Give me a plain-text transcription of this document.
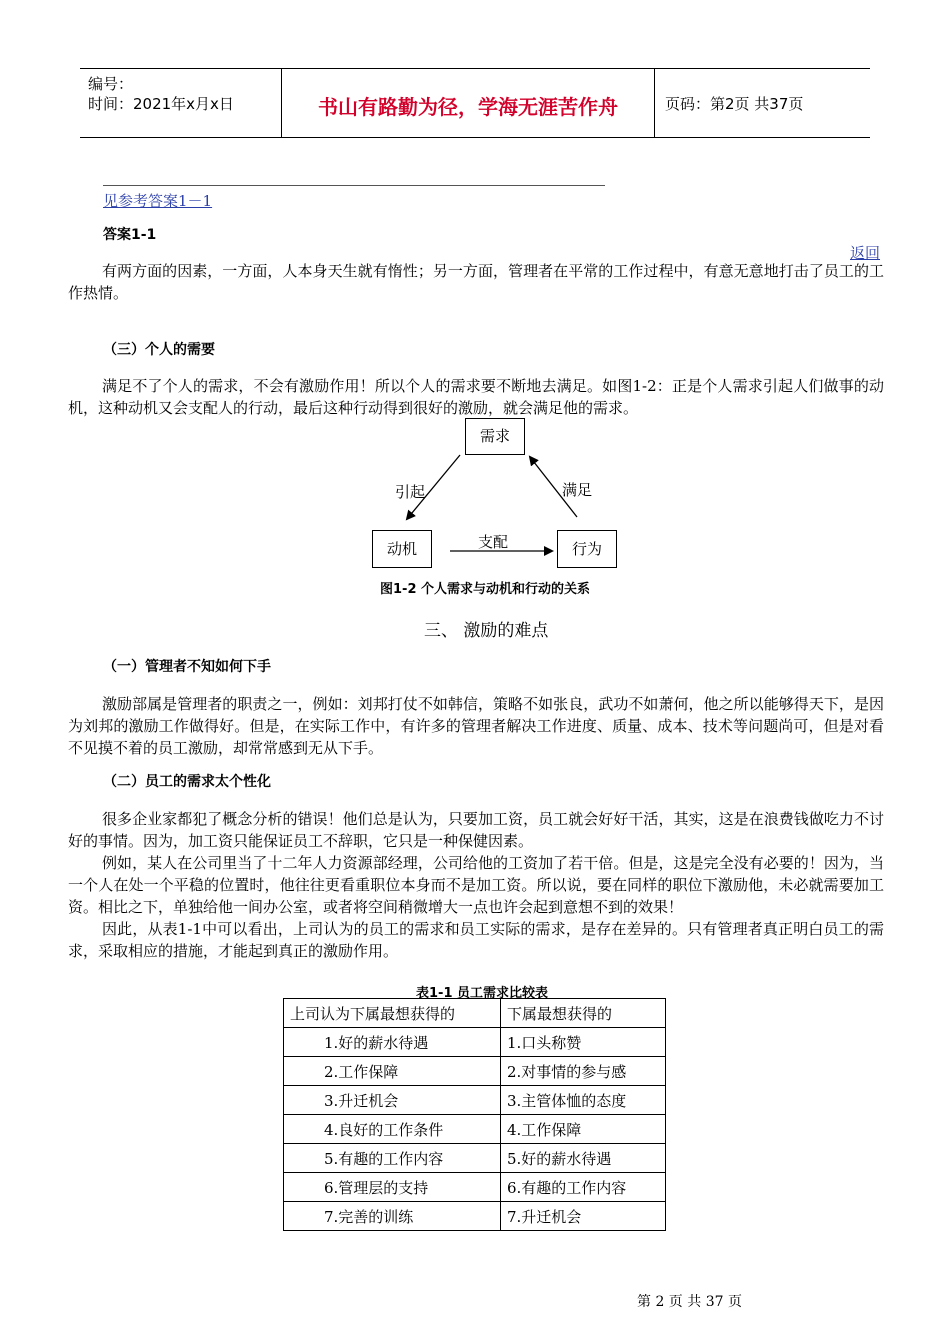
编号：
时间：2021年x月x日	书山有路勤为径，学海无涯苦作舟	页码：第2页 共37页
见参考答案1－1
答案1-1
返回
有两方面的因素，一方面，人本身天生就有惰性；另一方面，管理者在平常的工作过程中，有意无意地打击了员工的工作热情。
（三）个人的需要
满足不了个人的需求，不会有激励作用！所以个人的需求要不断地去满足。如图1-2：正是个人需求引起人们做事的动机，这种动机又会支配人的行动，最后这种行动得到很好的激励，就会满足他的需求。
需求
动机	行为
引起	满足
支配
图1-2 个人需求与动机和行动的关系
三、 激励的难点
（一）管理者不知如何下手
激励部属是管理者的职责之一，例如：刘邦打仗不如韩信，策略不如张良，武功不如萧何，他之所以能够得天下，是因为刘邦的激励工作做得好。但是，在实际工作中，有许多的管理者解决工作进度、质量、成本、技术等问题尚可，但是对看不见摸不着的员工激励，却常常感到无从下手。
（二）员工的需求太个性化
很多企业家都犯了概念分析的错误！他们总是认为，只要加工资，员工就会好好干活，其实，这是在浪费钱做吃力不讨好的事情。因为，加工资只能保证员工不辞职，它只是一种保健因素。
例如，某人在公司里当了十二年人力资源部经理，公司给他的工资加了若干倍。但是，这是完全没有必要的！因为，当一个人在处一个平稳的位置时，他往往更看重职位本身而不是加工资。所以说，要在同样的职位下激励他，未必就需要加工资。相比之下，单独给他一间办公室，或者将空间稍微增大一点也许会起到意想不到的效果！
因此，从表1-1中可以看出，上司认为的员工的需求和员工实际的需求，是存在差异的。只有管理者真正明白员工的需求，采取相应的措施，才能起到真正的激励作用。
表1-1 员工需求比较表
上司认为下属最想获得的	下属最想获得的
1.好的薪水待遇	1.口头称赞
2.工作保障	2.对事情的参与感
3.升迁机会	3.主管体恤的态度
4.良好的工作条件	4.工作保障
5.有趣的工作内容	5.好的薪水待遇
6.管理层的支持	6.有趣的工作内容
7.完善的训练	7.升迁机会
第 2 页 共 37 页
